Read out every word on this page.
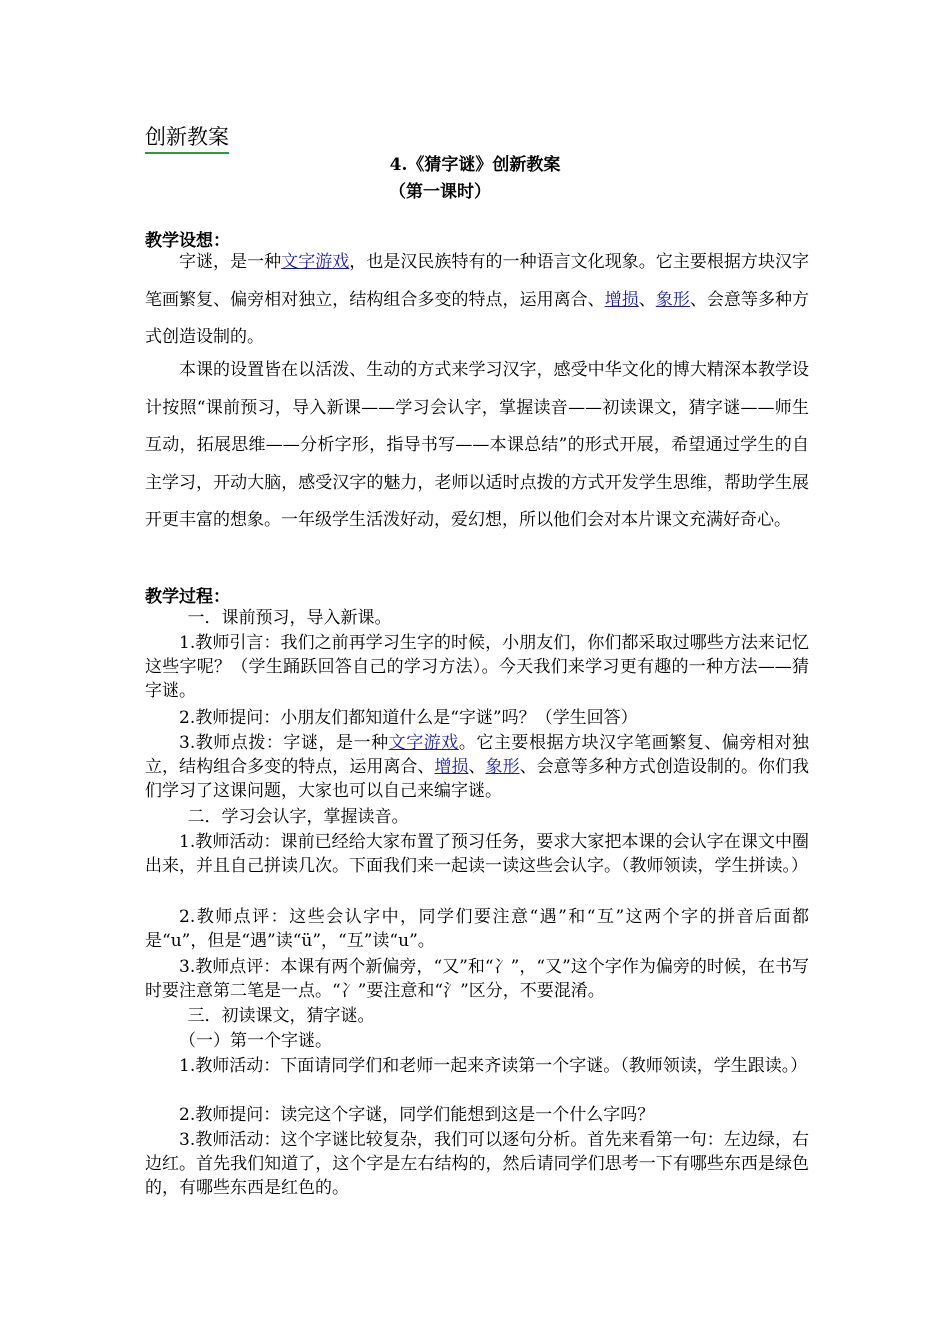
创新教案
4.《猜字谜》创新教案
（第一课时）
教学设想：

字谜，是一种文字游戏，也是汉民族特有的一种语言文化现象。它主要根据方块汉字笔画繁复、偏旁相对独立，结构组合多变的特点，运用离合、增损、象形、会意等多种方式创造设制的。

本课的设置皆在以活泼、生动的方式来学习汉字，感受中华文化的博大精深本教学设计按照“课前预习，导入新课——学习会认字，掌握读音——初读课文，猜字谜——师生互动，拓展思维——分析字形，指导书写——本课总结”的形式开展，希望通过学生的自主学习，开动大脑，感受汉字的魅力，老师以适时点拨的方式开发学生思维，帮助学生展开更丰富的想象。一年级学生活泼好动，爱幻想，所以他们会对本片课文充满好奇心。

教学过程：

一．课前预习，导入新课。

1.教师引言：我们之前再学习生字的时候，小朋友们，你们都采取过哪些方法来记忆这些字呢？（学生踊跃回答自己的学习方法）。今天我们来学习更有趣的一种方法——猜字谜。

2.教师提问：小朋友们都知道什么是“字谜”吗？（学生回答）

3.教师点拨：字谜，是一种文字游戏。它主要根据方块汉字笔画繁复、偏旁相对独立，结构组合多变的特点，运用离合、增损、象形、会意等多种方式创造设制的。你们我们学习了这课问题，大家也可以自己来编字谜。

二．学习会认字，掌握读音。

1.教师活动：课前已经给大家布置了预习任务，要求大家把本课的会认字在课文中圈出来，并且自己拼读几次。下面我们来一起读一读这些会认字。（教师领读，学生拼读。）

2.教师点评：这些会认字中，同学们要注意“遇”和“互”这两个字的拼音后面都是“u”，但是“遇”读“ü”，“互”读“u”。

3.教师点评：本课有两个新偏旁，“又”和“冫”，“又”这个字作为偏旁的时候，在书写时要注意第二笔是一点。“冫”要注意和“氵”区分，不要混淆。

三．初读课文，猜字谜。

（一）第一个字谜。

1.教师活动：下面请同学们和老师一起来齐读第一个字谜。（教师领读，学生跟读。）

2.教师提问：读完这个字谜，同学们能想到这是一个什么字吗？

3.教师活动：这个字谜比较复杂，我们可以逐句分析。首先来看第一句：左边绿，右边红。首先我们知道了，这个字是左右结构的，然后请同学们思考一下有哪些东西是绿色的，有哪些东西是红色的。
